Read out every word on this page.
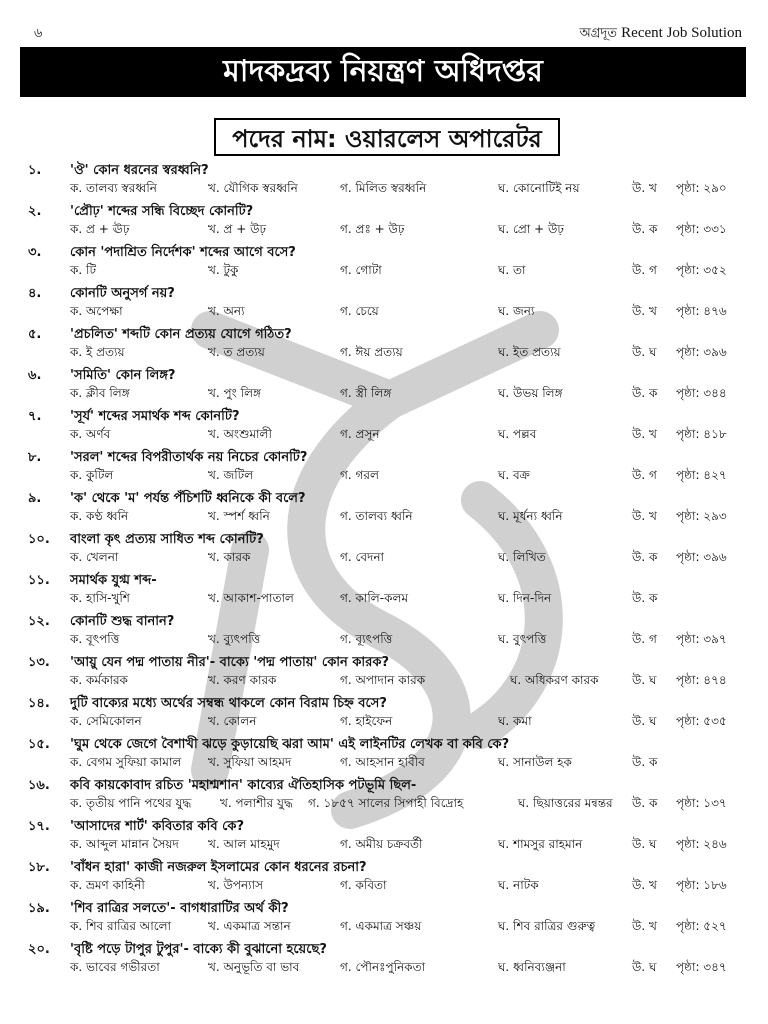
৬	অগ্রদূত Recent Job Solution
মাদকদ্রব্য নিয়ন্ত্রণ অধিদপ্তর
পদের নাম: ওয়ারলেস অপারেটর
১. 'ঔ' কোন ধরনের স্বরধ্বনি?
ক. তালব্য স্বরধ্বনি	খ. যৌগিক স্বরধ্বনি	গ. মিলিত স্বরধ্বনি	ঘ. কোনোটিই নয়	উ. খ পৃষ্ঠা: ২৯০
২. 'প্রৌঢ়' শব্দের সন্ধি বিচ্ছেদ কোনটি?
ক. প্র + ঊঢ়	খ. প্র + উঢ়	গ. প্রঃ + উঢ়	ঘ. প্রো + উঢ়	উ. ক পৃষ্ঠা: ৩৩১
৩. কোন 'পদাশ্রিত নির্দেশক' শব্দের আগে বসে?
ক. টি	খ. টুকু	গ. গোটা	ঘ. তা	উ. গ পৃষ্ঠা: ৩৫২
৪. কোনটি অনুসর্গ নয়?
ক. অপেক্ষা	খ. অন্য	গ. চেয়ে	ঘ. জন্য	উ. খ পৃষ্ঠা: ৪৭৬
৫. 'প্রচলিত' শব্দটি কোন প্রত্যয় যোগে গঠিত?
ক. ই প্রত্যয়	খ. ত প্রত্যয়	গ. ঈয় প্রত্যয়	ঘ. ইত প্রত্যয়	উ. ঘ পৃষ্ঠা: ৩৯৬
৬. 'সমিতি' কোন লিঙ্গ?
ক. ক্লীব লিঙ্গ	খ. পুং লিঙ্গ	গ. স্ত্রী লিঙ্গ	ঘ. উভয় লিঙ্গ	উ. ক পৃষ্ঠা: ৩৪৪
৭. 'সূর্য' শব্দের সমার্থক শব্দ কোনটি?
ক. অর্ণব	খ. অংশুমালী	গ. প্রসূন	ঘ. পল্লব	উ. খ পৃষ্ঠা: ৪১৮
৮. 'সরল' শব্দের বিপরীতার্থক নয় নিচের কোনটি?
ক. কুটিল	খ. জটিল	গ. গরল	ঘ. বক্র	উ. গ পৃষ্ঠা: ৪২৭
৯. 'ক' থেকে 'ম' পর্যন্ত পঁচিশটি ধ্বনিকে কী বলে?
ক. কণ্ঠ ধ্বনি	খ. স্পর্শ ধ্বনি	গ. তালব্য ধ্বনি	ঘ. মূর্ধন্য ধ্বনি	উ. খ পৃষ্ঠা: ২৯৩
১০. বাংলা কৃৎ প্রত্যয় সাধিত শব্দ কোনটি?
ক. খেলনা	খ. কারক	গ. বেদনা	ঘ. লিখিত	উ. ক পৃষ্ঠা: ৩৯৬
১১. সমার্থক যুগ্ম শব্দ-
ক. হাসি-খুশি	খ. আকাশ-পাতাল	গ. কালি-কলম	ঘ. দিন-দিন	উ. ক
১২. কোনটি শুদ্ধ বানান?
ক. বূৎপত্তি	খ. ব্যুৎপত্তি	গ. ব্যূৎপত্তি	ঘ. বুৎপত্তি	উ. গ পৃষ্ঠা: ৩৯৭
১৩. 'আয়ু যেন পদ্ম পাতায় নীর'- বাক্যে 'পদ্ম পাতায়' কোন কারক?
ক. কর্মকারক	খ. করণ কারক	গ. অপাদান কারক	ঘ. অধিকরণ কারক	উ. ঘ পৃষ্ঠা: ৪৭৪
১৪. দুটি বাক্যের মধ্যে অর্থের সম্বন্ধ থাকলে কোন বিরাম চিহ্ন বসে?
ক. সেমিকোলন	খ. কোলন	গ. হাইফেন	ঘ. কমা	উ. ঘ পৃষ্ঠা: ৫৩৫
১৫. 'ঘুম থেকে জেগে বৈশাখী ঝড়ে কুড়ায়েছি ঝরা আম' এই লাইনটির লেখক বা কবি কে?
ক. বেগম সুফিয়া কামাল খ. সুফিয়া আহমদ	গ. আহসান হাবীব	ঘ. সানাউল হক	উ. ক
১৬. কবি কায়কোবাদ রচিত 'মহাশ্মশান' কাব্যের ঐতিহাসিক পটভূমি ছিল-
ক. তৃতীয় পানি পথের যুদ্ধ খ. পলাশীর যুদ্ধ গ. ১৮৫৭ সালের সিপাহী বিদ্রোহ	ঘ. ছিয়াত্তরের মন্বন্তর উ. ক পৃষ্ঠা: ১৩৭
১৭. 'আসাদের শার্ট' কবিতার কবি কে?
ক. আব্দুল মান্নান সৈয়দ খ. আল মাহমুদ	গ. অমীয় চক্রবর্তী	ঘ. শামসুর রাহমান	উ. ঘ পৃষ্ঠা: ২৪৬
১৮. 'বাঁধন হারা' কাজী নজরুল ইসলামের কোন ধরনের রচনা?
ক. ভ্রমণ কাহিনী	খ. উপন্যাস	গ. কবিতা	ঘ. নাটক	উ. খ পৃষ্ঠা: ১৮৬
১৯. 'শিব রাত্রির সলতে'- বাগধারাটির অর্থ কী?
ক. শিব রাত্রির আলো	খ. একমাত্র সন্তান	গ. একমাত্র সঞ্চয়	ঘ. শিব রাত্রির গুরুত্ব	উ. খ পৃষ্ঠা: ৫২৭
২০. 'বৃষ্টি পড়ে টাপুর টুপুর'- বাক্যে কী বুঝানো হয়েছে?
ক. ভাবের গভীরতা	খ. অনুভূতি বা ভাব	গ. পৌনঃপুনিকতা	ঘ. ধ্বনিব্যঞ্জনা	উ. ঘ পৃষ্ঠা: ৩৪৭
